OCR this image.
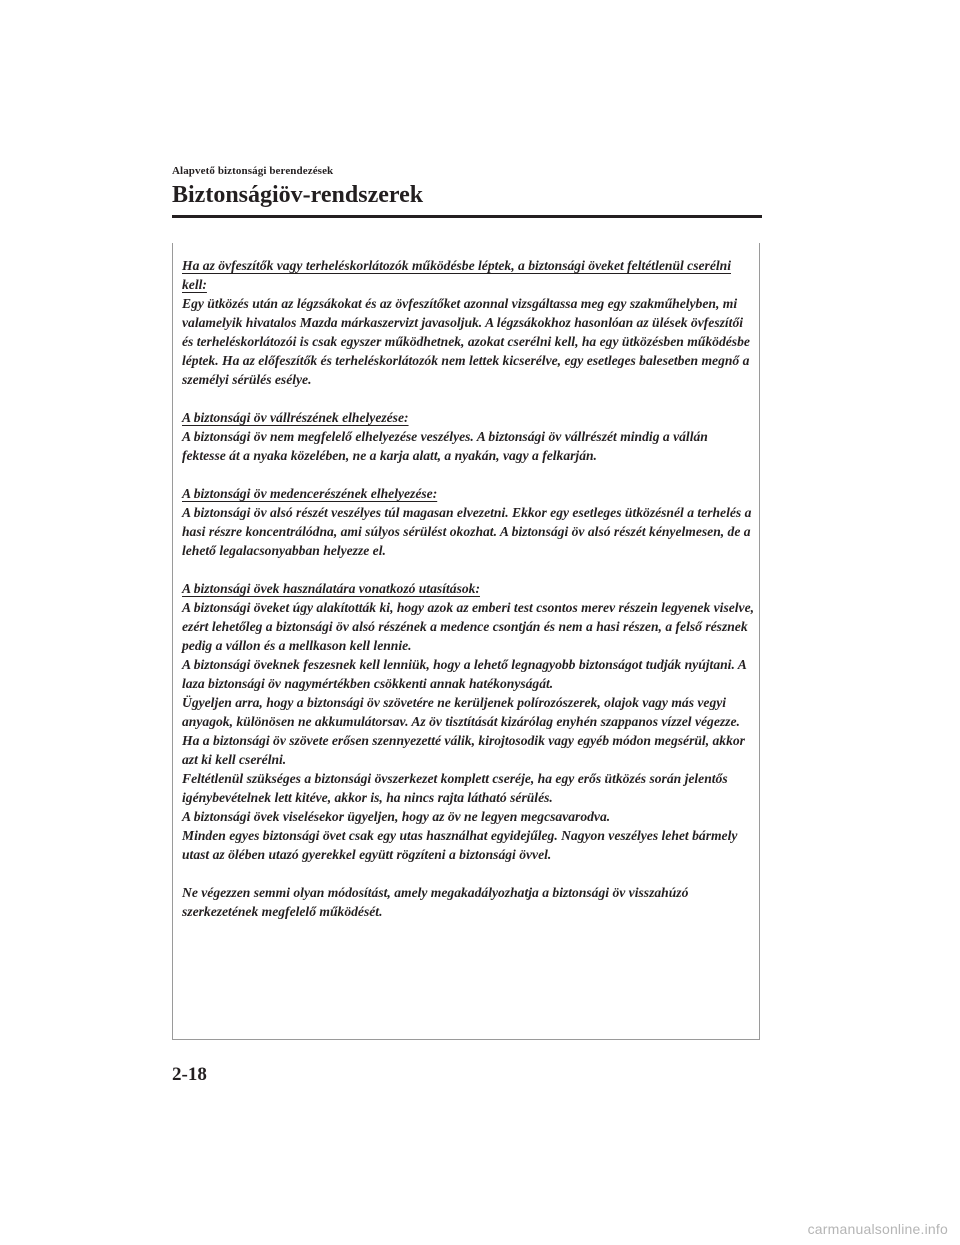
Alapvető biztonsági berendezések
Biztonságiöv-rendszerek
Ha az övfeszítők vagy terheléskorlátozók működésbe léptek, a biztonsági öveket feltétlenül cserélni kell:
Egy ütközés után az légzsákokat és az övfeszítőket azonnal vizsgáltassa meg egy szakműhelyben, mi valamelyik hivatalos Mazda márkaszervizt javasoljuk. A légzsákokhoz hasonlóan az ülések övfeszítői és terheléskorlátozói is csak egyszer működhetnek, azokat cserélni kell, ha egy ütközésben működésbe léptek. Ha az előfeszítők és terheléskorlátozók nem lettek kicserélve, egy esetleges balesetben megnő a személyi sérülés esélye.
A biztonsági öv vállrészének elhelyezése:
A biztonsági öv nem megfelelő elhelyezése veszélyes. A biztonsági öv vállrészét mindig a vállán fektesse át a nyaka közelében, ne a karja alatt, a nyakán, vagy a felkarján.
A biztonsági öv medencerészének elhelyezése:
A biztonsági öv alsó részét veszélyes túl magasan elvezetni. Ekkor egy esetleges ütközésnél a terhelés a hasi részre koncentrálódna, ami súlyos sérülést okozhat. A biztonsági öv alsó részét kényelmesen, de a lehető legalacsonyabban helyezze el.
A biztonsági övek használatára vonatkozó utasítások:
A biztonsági öveket úgy alakították ki, hogy azok az emberi test csontos merev részein legyenek viselve, ezért lehetőleg a biztonsági öv alsó részének a medence csontján és nem a hasi részen, a felső résznek pedig a vállon és a mellkason kell lennie.
A biztonsági öveknek feszesnek kell lenniük, hogy a lehető legnagyobb biztonságot tudják nyújtani. A laza biztonsági öv nagymértékben csökkenti annak hatékonyságát.
Ügyeljen arra, hogy a biztonsági öv szövetére ne kerüljenek polírozószerek, olajok vagy más vegyi anyagok, különösen ne akkumulátorsav. Az öv tisztítását kizárólag enyhén szappanos vízzel végezze. Ha a biztonsági öv szövete erősen szennyezetté válik, kirojtosodik vagy egyéb módon megsérül, akkor azt ki kell cserélni.
Feltétlenül szükséges a biztonsági övszerkezet komplett cseréje, ha egy erős ütközés során jelentős igénybevételnek lett kitéve, akkor is, ha nincs rajta látható sérülés.
A biztonsági övek viselésekor ügyeljen, hogy az öv ne legyen megcsavarodva.
Minden egyes biztonsági övet csak egy utas használhat egyidejűleg. Nagyon veszélyes lehet bármely utast az ölében utazó gyerekkel együtt rögzíteni a biztonsági övvel.
Ne végezzen semmi olyan módosítást, amely megakadályozhatja a biztonsági öv visszahúzó szerkezetének megfelelő működését.
2-18
carmanualsonline.info
